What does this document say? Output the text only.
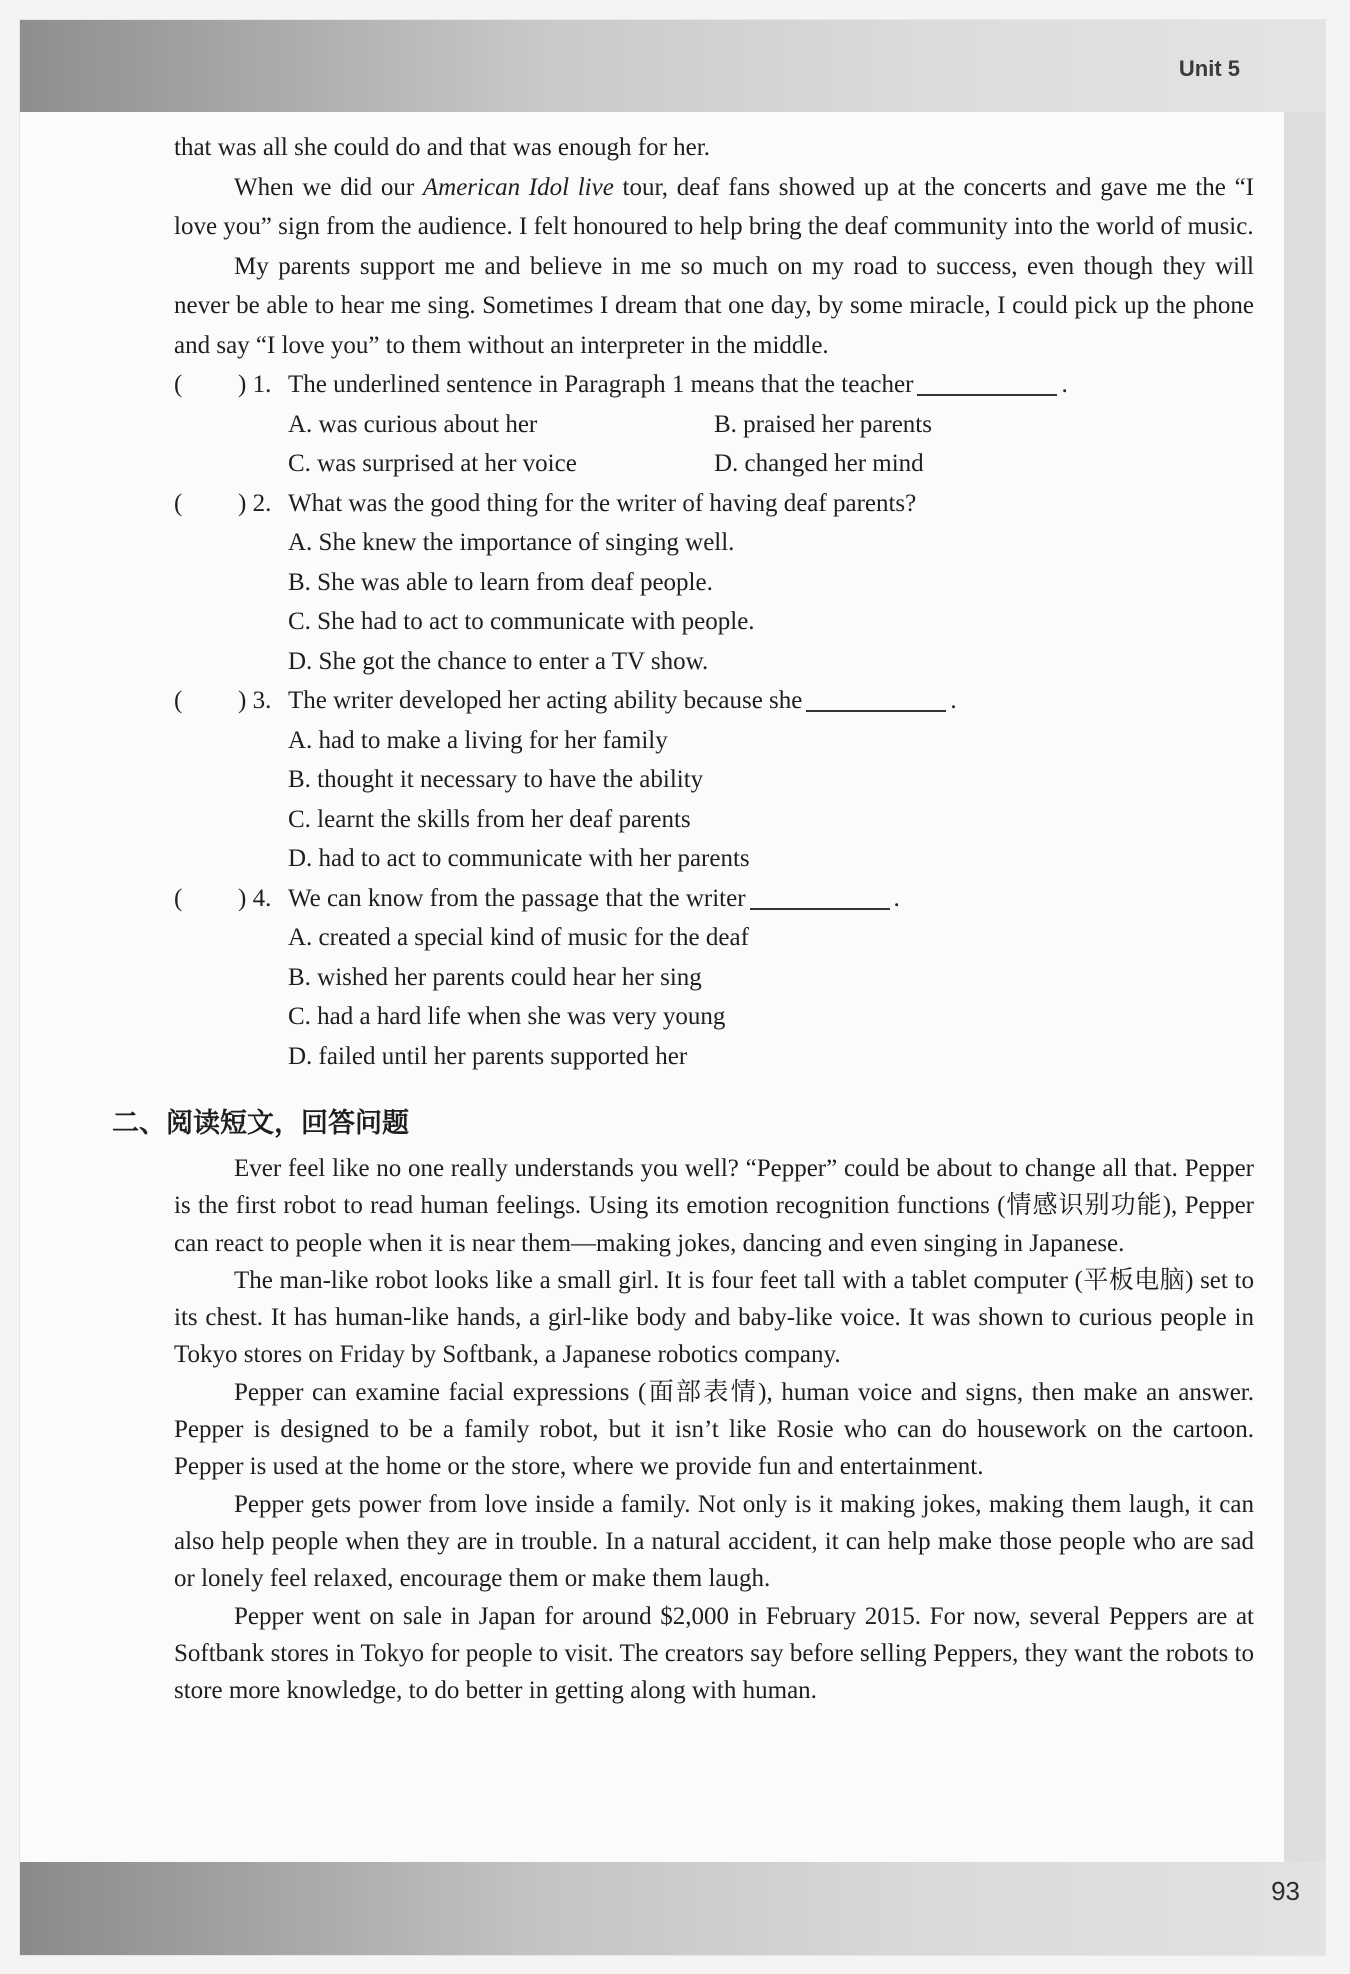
Unit 5
93

that was all she could do and that was enough for her.

When we did our American Idol live tour, deaf fans showed up at the concerts and gave me the “I love you” sign from the audience. I felt honoured to help bring the deaf community into the world of music.

My parents support me and believe in me so much on my road to success, even though they will never be able to hear me sing. Sometimes I dream that one day, by some miracle, I could pick up the phone and say “I love you” to them without an interpreter in the middle.

( ) 1. The underlined sentence in Paragraph 1 means that the teacher	.
A. was curious about her	B. praised her parents
C. was surprised at her voice	D. changed her mind
( ) 2. What was the good thing for the writer of having deaf parents?
A. She knew the importance of singing well.
B. She was able to learn from deaf people.
C. She had to act to communicate with people.
D. She got the chance to enter a TV show.
( ) 3. The writer developed her acting ability because she	.
A. had to make a living for her family
B. thought it necessary to have the ability
C. learnt the skills from her deaf parents
D. had to act to communicate with her parents
( ) 4. We can know from the passage that the writer	.
A. created a special kind of music for the deaf
B. wished her parents could hear her sing
C. had a hard life when she was very young
D. failed until her parents supported her
二、阅读短文，回答问题

Ever feel like no one really understands you well? “Pepper” could be about to change all that. Pepper is the first robot to read human feelings. Using its emotion recognition functions (情感识别功能), Pepper can react to people when it is near them—making jokes, dancing and even singing in Japanese.

The man-like robot looks like a small girl. It is four feet tall with a tablet computer (平板电脑) set to its chest. It has human-like hands, a girl-like body and baby-like voice. It was shown to curious people in Tokyo stores on Friday by Softbank, a Japanese robotics company.

Pepper can examine facial expressions (面部表情), human voice and signs, then make an answer. Pepper is designed to be a family robot, but it isn’t like Rosie who can do housework on the cartoon. Pepper is used at the home or the store, where we provide fun and entertainment.

Pepper gets power from love inside a family. Not only is it making jokes, making them laugh, it can also help people when they are in trouble. In a natural accident, it can help make those people who are sad or lonely feel relaxed, encourage them or make them laugh.

Pepper went on sale in Japan for around $2,000 in February 2015. For now, several Peppers are at Softbank stores in Tokyo for people to visit. The creators say before selling Peppers, they want the robots to store more knowledge, to do better in getting along with human.
